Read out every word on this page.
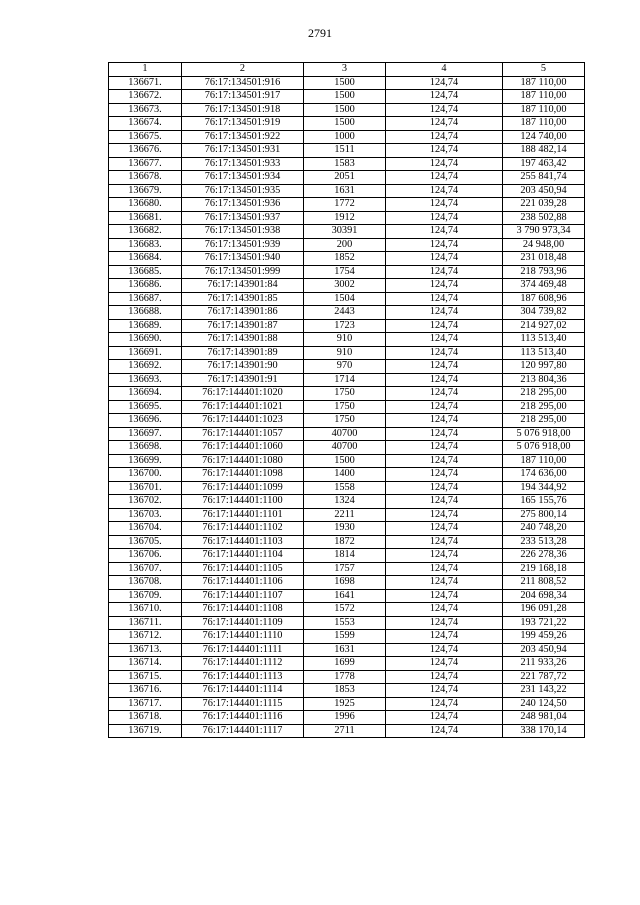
2791
1	2	3	4	5
136671.	76:17:134501:916	1500	124,74	187 110,00
136672.	76:17:134501:917	1500	124,74	187 110,00
136673.	76:17:134501:918	1500	124,74	187 110,00
136674.	76:17:134501:919	1500	124,74	187 110,00
136675.	76:17:134501:922	1000	124,74	124 740,00
136676.	76:17:134501:931	1511	124,74	188 482,14
136677.	76:17:134501:933	1583	124,74	197 463,42
136678.	76:17:134501:934	2051	124,74	255 841,74
136679.	76:17:134501:935	1631	124,74	203 450,94
136680.	76:17:134501:936	1772	124,74	221 039,28
136681.	76:17:134501:937	1912	124,74	238 502,88
136682.	76:17:134501:938	30391	124,74	3 790 973,34
136683.	76:17:134501:939	200	124,74	24 948,00
136684.	76:17:134501:940	1852	124,74	231 018,48
136685.	76:17:134501:999	1754	124,74	218 793,96
136686.	76:17:143901:84	3002	124,74	374 469,48
136687.	76:17:143901:85	1504	124,74	187 608,96
136688.	76:17:143901:86	2443	124,74	304 739,82
136689.	76:17:143901:87	1723	124,74	214 927,02
136690.	76:17:143901:88	910	124,74	113 513,40
136691.	76:17:143901:89	910	124,74	113 513,40
136692.	76:17:143901:90	970	124,74	120 997,80
136693.	76:17:143901:91	1714	124,74	213 804,36
136694.	76:17:144401:1020	1750	124,74	218 295,00
136695.	76:17:144401:1021	1750	124,74	218 295,00
136696.	76:17:144401:1023	1750	124,74	218 295,00
136697.	76:17:144401:1057	40700	124,74	5 076 918,00
136698.	76:17:144401:1060	40700	124,74	5 076 918,00
136699.	76:17:144401:1080	1500	124,74	187 110,00
136700.	76:17:144401:1098	1400	124,74	174 636,00
136701.	76:17:144401:1099	1558	124,74	194 344,92
136702.	76:17:144401:1100	1324	124,74	165 155,76
136703.	76:17:144401:1101	2211	124,74	275 800,14
136704.	76:17:144401:1102	1930	124,74	240 748,20
136705.	76:17:144401:1103	1872	124,74	233 513,28
136706.	76:17:144401:1104	1814	124,74	226 278,36
136707.	76:17:144401:1105	1757	124,74	219 168,18
136708.	76:17:144401:1106	1698	124,74	211 808,52
136709.	76:17:144401:1107	1641	124,74	204 698,34
136710.	76:17:144401:1108	1572	124,74	196 091,28
136711.	76:17:144401:1109	1553	124,74	193 721,22
136712.	76:17:144401:1110	1599	124,74	199 459,26
136713.	76:17:144401:1111	1631	124,74	203 450,94
136714.	76:17:144401:1112	1699	124,74	211 933,26
136715.	76:17:144401:1113	1778	124,74	221 787,72
136716.	76:17:144401:1114	1853	124,74	231 143,22
136717.	76:17:144401:1115	1925	124,74	240 124,50
136718.	76:17:144401:1116	1996	124,74	248 981,04
136719.	76:17:144401:1117	2711	124,74	338 170,14
